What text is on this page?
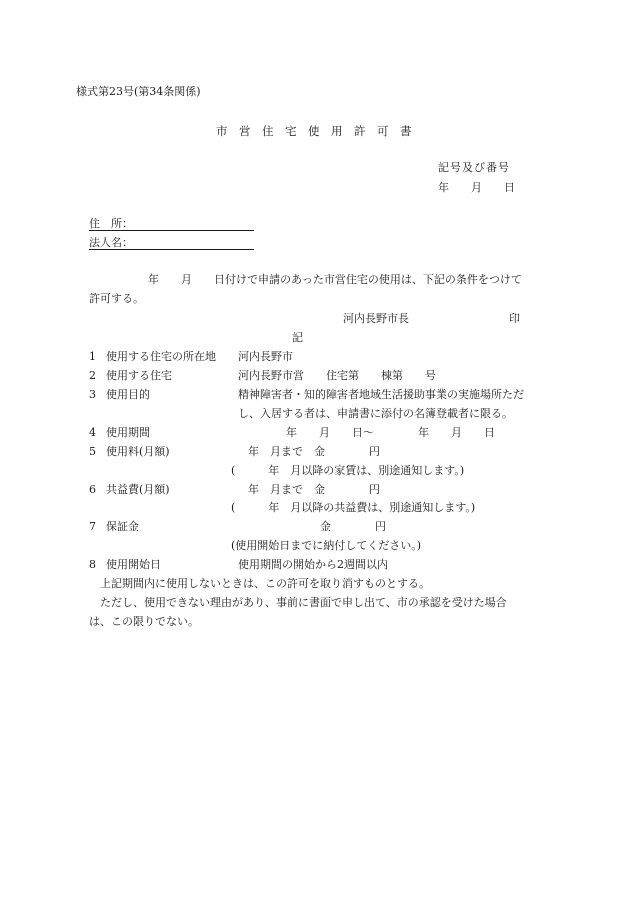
様式第23号(第34条関係)
市　営　住　宅　使　用　許　可　書
記号及び番号
年　　月　　日
住　所：
法人名：
年　　月　　日付けで申請のあった市営住宅の使用は、下記の条件をつけて
許可する。
河内長野市長	印
記
1 使用する住宅の所在地 河内長野市
2 使用する住宅	河内長野市営　　住宅第　　棟第　　号
3 使用目的	精神障害者・知的障害者地域生活援助事業の実施場所ただ
し、入居する者は、申請書に添付の名簿登載者に限る。
4 使用期間	年　　月　　日〜　　　　年　　月　　日
5 使用料(月額)	年　月まで　金　　　　円
(　　　年　月以降の家賃は、別途通知します。)
6 共益費(月額)	年　月まで　金　　　　円
(　　　年　月以降の共益費は、別途通知します。)
7 保証金	金　　　　円
(使用開始日までに納付してください。)
8 使用開始日	使用期間の開始から2週間以内
上記期間内に使用しないときは、この許可を取り消すものとする。
ただし、使用できない理由があり、事前に書面で申し出て、市の承認を受けた場合
は、この限りでない。
